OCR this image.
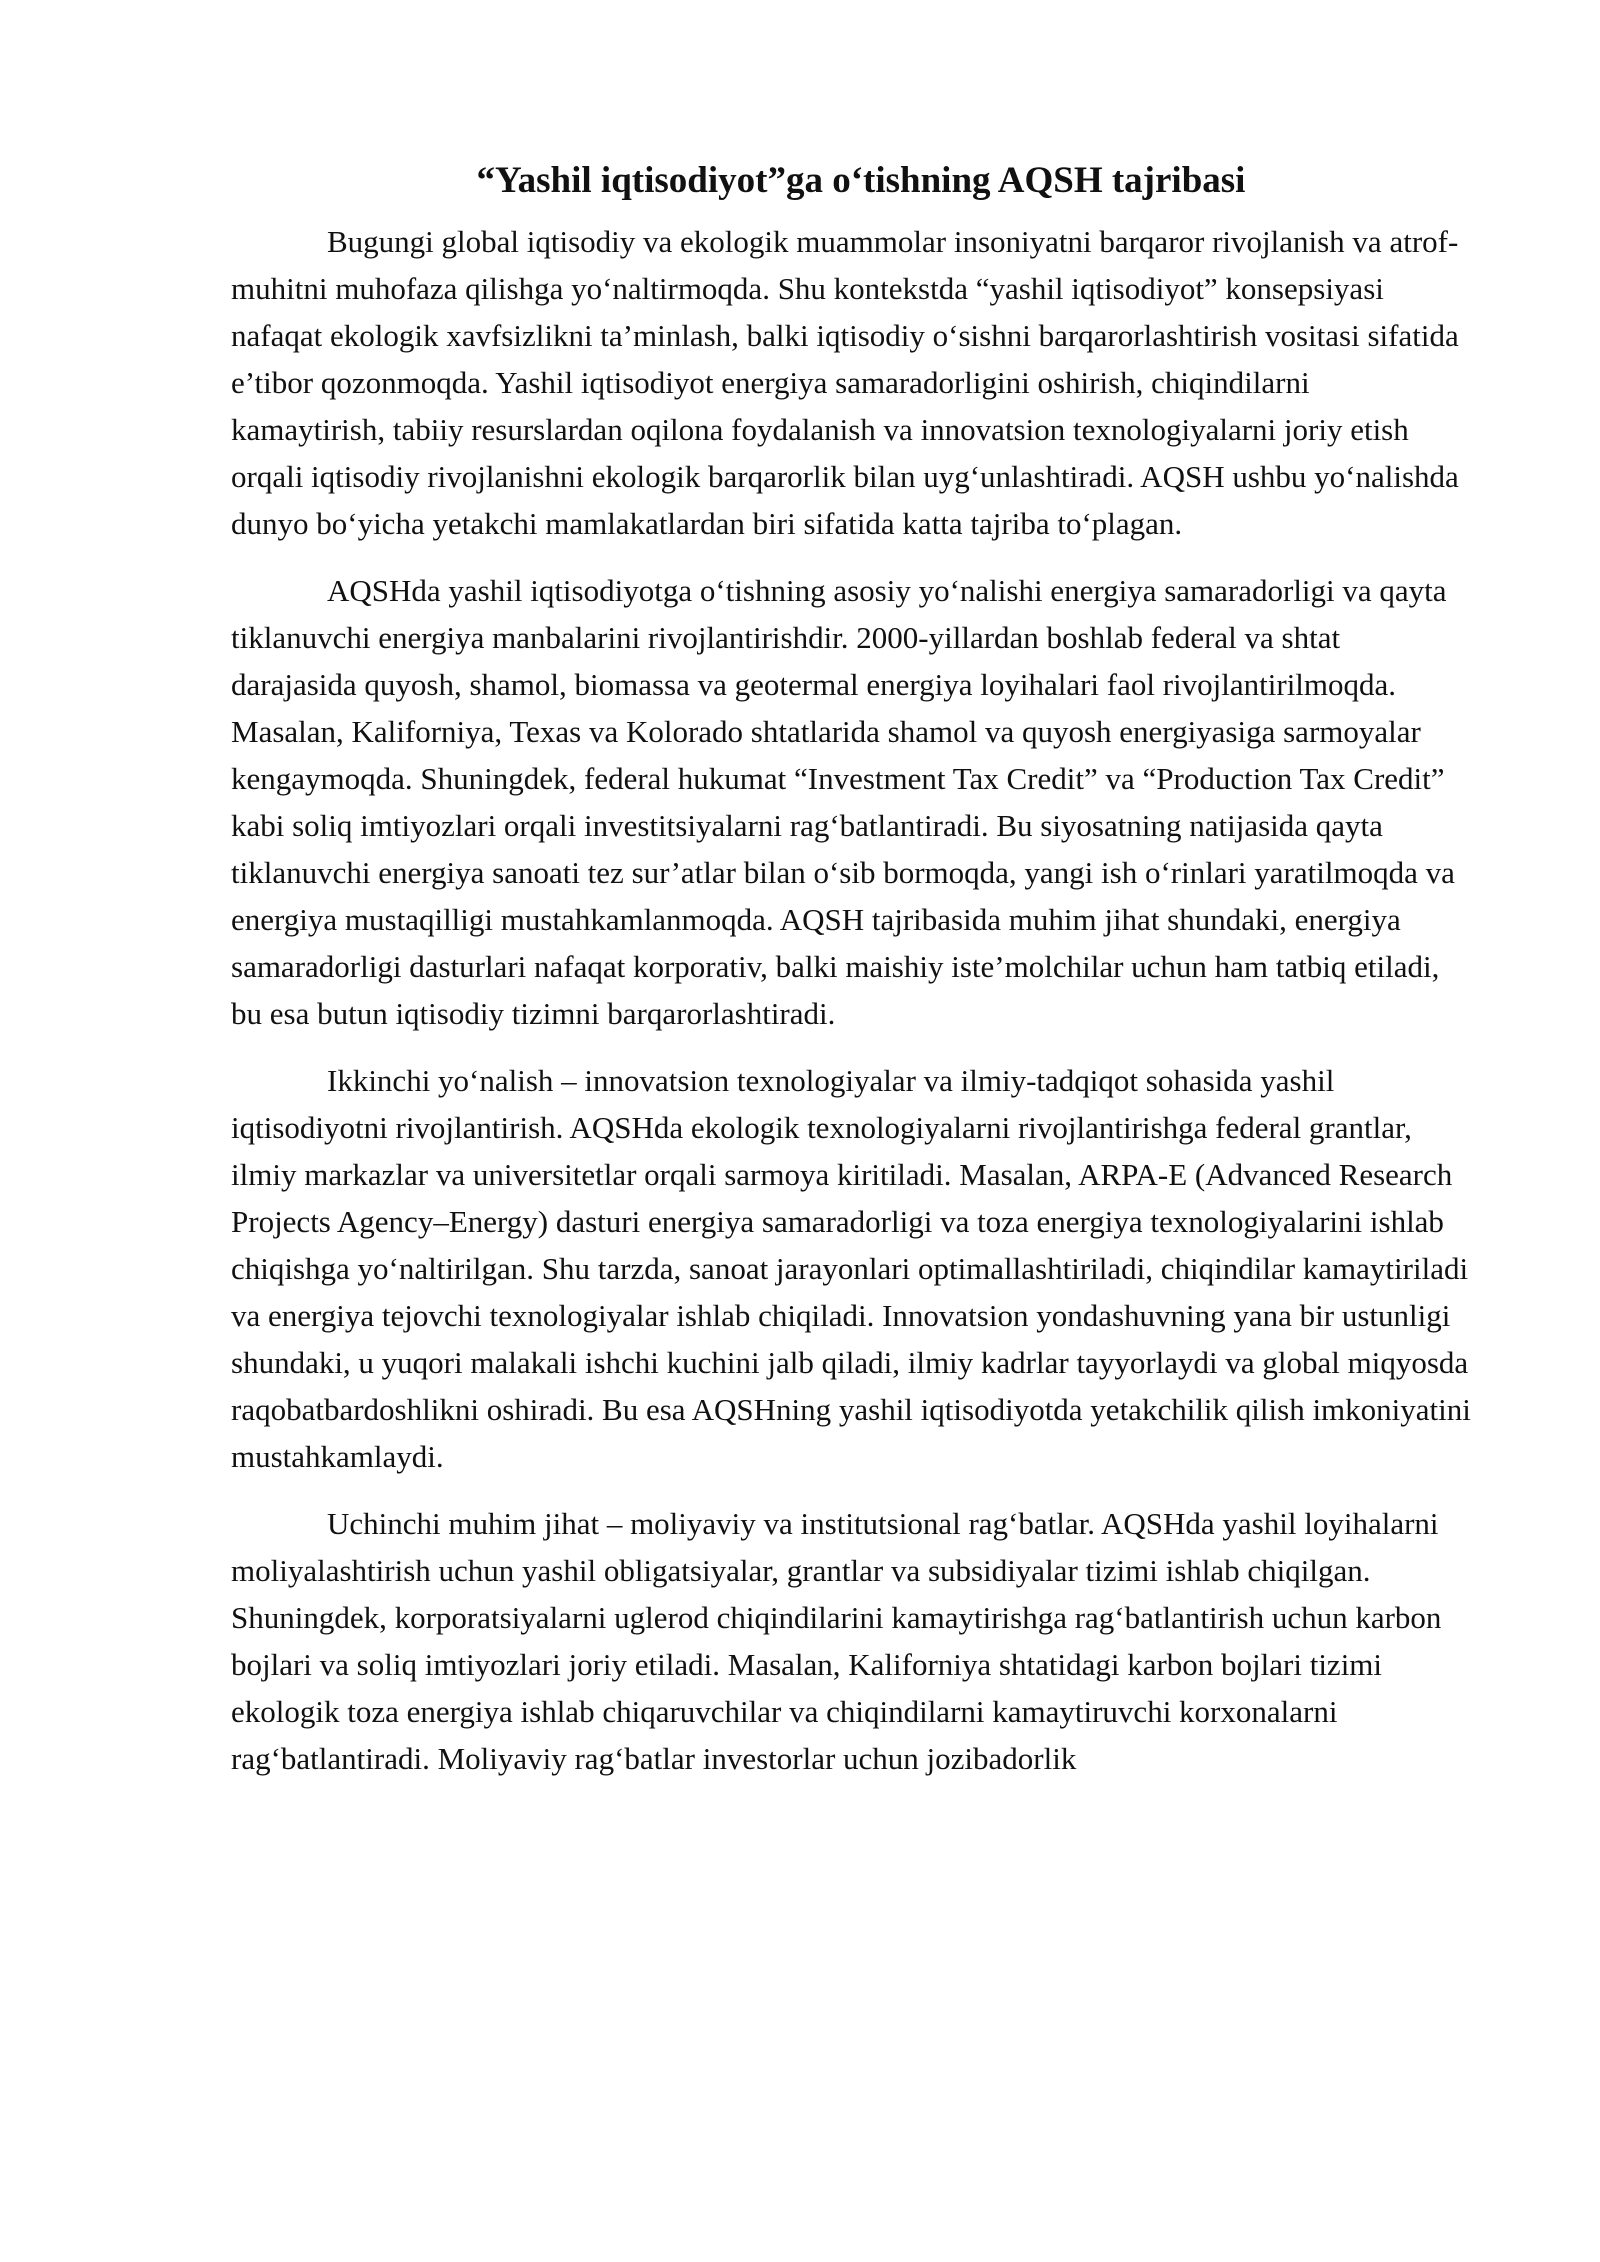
“Yashil iqtisodiyot”ga o‘tishning AQSH tajribasi

Bugungi global iqtisodiy va ekologik muammolar insoniyatni barqaror rivojlanish va atrof-muhitni muhofaza qilishga yo‘naltirmoqda. Shu kontekstda “yashil iqtisodiyot” konsepsiyasi nafaqat ekologik xavfsizlikni ta’minlash, balki iqtisodiy o‘sishni barqarorlashtirish vositasi sifatida e’tibor qozonmoqda. Yashil iqtisodiyot energiya samaradorligini oshirish, chiqindilarni kamaytirish, tabiiy resurslardan oqilona foydalanish va innovatsion texnologiyalarni joriy etish orqali iqtisodiy rivojlanishni ekologik barqarorlik bilan uyg‘unlashtiradi. AQSH ushbu yo‘nalishda dunyo bo‘yicha yetakchi mamlakatlardan biri sifatida katta tajriba to‘plagan.

AQSHda yashil iqtisodiyotga o‘tishning asosiy yo‘nalishi energiya samaradorligi va qayta tiklanuvchi energiya manbalarini rivojlantirishdir. 2000-yillardan boshlab federal va shtat darajasida quyosh, shamol, biomassa va geotermal energiya loyihalari faol rivojlantirilmoqda. Masalan, Kaliforniya, Texas va Kolorado shtatlarida shamol va quyosh energiyasiga sarmoyalar kengaymoqda. Shuningdek, federal hukumat “Investment Tax Credit” va “Production Tax Credit” kabi soliq imtiyozlari orqali investitsiyalarni rag‘batlantiradi. Bu siyosatning natijasida qayta tiklanuvchi energiya sanoati tez sur’atlar bilan o‘sib bormoqda, yangi ish o‘rinlari yaratilmoqda va energiya mustaqilligi mustahkamlanmoqda. AQSH tajribasida muhim jihat shundaki, energiya samaradorligi dasturlari nafaqat korporativ, balki maishiy iste’molchilar uchun ham tatbiq etiladi, bu esa butun iqtisodiy tizimni barqarorlashtiradi.

Ikkinchi yo‘nalish – innovatsion texnologiyalar va ilmiy-tadqiqot sohasida yashil iqtisodiyotni rivojlantirish. AQSHda ekologik texnologiyalarni rivojlantirishga federal grantlar, ilmiy markazlar va universitetlar orqali sarmoya kiritiladi. Masalan, ARPA-E (Advanced Research Projects Agency–Energy) dasturi energiya samaradorligi va toza energiya texnologiyalarini ishlab chiqishga yo‘naltirilgan. Shu tarzda, sanoat jarayonlari optimallashtiriladi, chiqindilar kamaytiriladi va energiya tejovchi texnologiyalar ishlab chiqiladi. Innovatsion yondashuvning yana bir ustunligi shundaki, u yuqori malakali ishchi kuchini jalb qiladi, ilmiy kadrlar tayyorlaydi va global miqyosda raqobatbardoshlikni oshiradi. Bu esa AQSHning yashil iqtisodiyotda yetakchilik qilish imkoniyatini mustahkamlaydi.

Uchinchi muhim jihat – moliyaviy va institutsional rag‘batlar. AQSHda yashil loyihalarni moliyalashtirish uchun yashil obligatsiyalar, grantlar va subsidiyalar tizimi ishlab chiqilgan. Shuningdek, korporatsiyalarni uglerod chiqindilarini kamaytirishga rag‘batlantirish uchun karbon bojlari va soliq imtiyozlari joriy etiladi. Masalan, Kaliforniya shtatidagi karbon bojlari tizimi ekologik toza energiya ishlab chiqaruvchilar va chiqindilarni kamaytiruvchi korxonalarni rag‘batlantiradi. Moliyaviy rag‘batlar investorlar uchun jozibadorlik
